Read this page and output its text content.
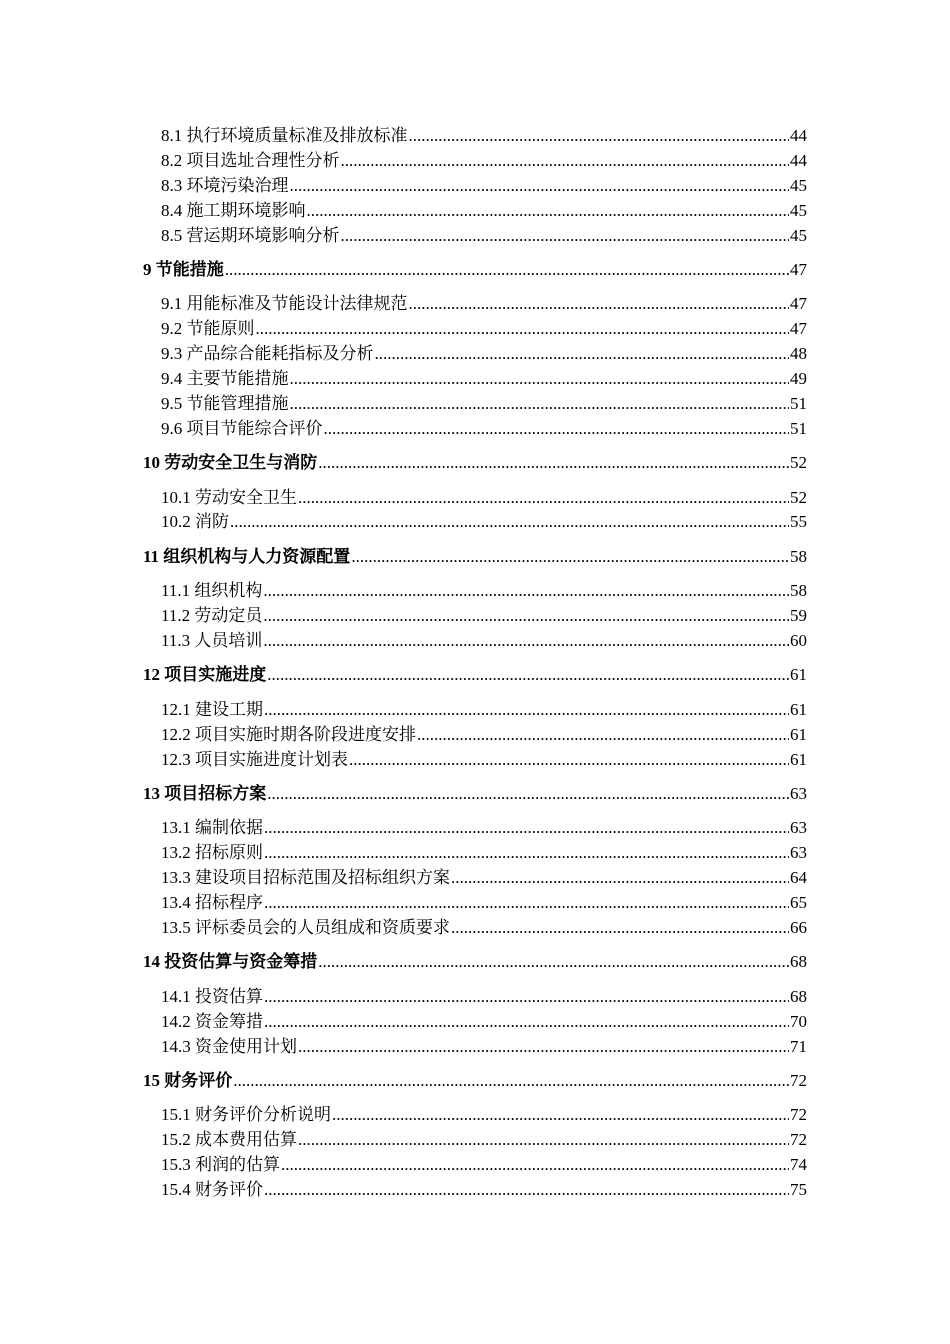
8.1 执行环境质量标准及排放标准 .....	44
8.2 项目选址合理性分析 .....	44
8.3 环境污染治理 .....	45
8.4 施工期环境影响 .....	45
8.5 营运期环境影响分析 .....	45
9 节能措施 .....	47
9.1 用能标准及节能设计法律规范 .....	47
9.2 节能原则 .....	47
9.3 产品综合能耗指标及分析 .....	48
9.4 主要节能措施 .....	49
9.5 节能管理措施 .....	51
9.6 项目节能综合评价 .....	51
10 劳动安全卫生与消防 .....	52
10.1 劳动安全卫生 .....	52
10.2 消防 .....	55
11 组织机构与人力资源配置 .....	58
11.1 组织机构 .....	58
11.2 劳动定员 .....	59
11.3 人员培训 .....	60
12 项目实施进度 .....	61
12.1 建设工期 .....	61
12.2 项目实施时期各阶段进度安排 .....	61
12.3 项目实施进度计划表 .....	61
13 项目招标方案 .....	63
13.1 编制依据 .....	63
13.2 招标原则 .....	63
13.3 建设项目招标范围及招标组织方案 .....	64
13.4 招标程序 .....	65
13.5 评标委员会的人员组成和资质要求 .....	66
14 投资估算与资金筹措 .....	68
14.1 投资估算 .....	68
14.2 资金筹措 .....	70
14.3 资金使用计划 .....	71
15 财务评价 .....	72
15.1 财务评价分析说明 .....	72
15.2 成本费用估算 .....	72
15.3 利润的估算 .....	74
15.4 财务评价 .....	75
